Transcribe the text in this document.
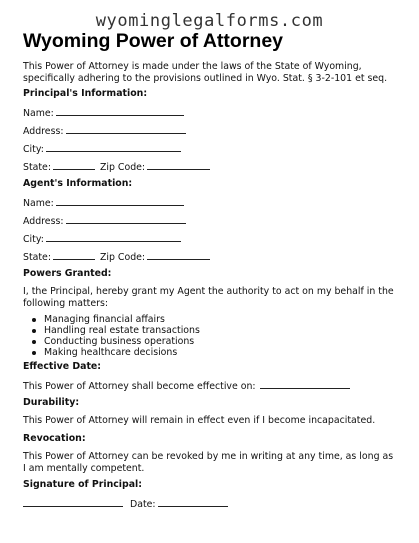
wyominglegalforms.com
Wyoming Power of Attorney

This Power of Attorney is made under the laws of the State of Wyoming, specifically adhering to the provisions outlined in Wyo. Stat. § 3-2-101 et seq.

Principal's Information:
Name:
Address:
City:
State:	Zip Code:
Agent's Information:
Name:
Address:
City:
State:	Zip Code:
Powers Granted:

I, the Principal, hereby grant my Agent the authority to act on my behalf in the following matters:

Managing financial affairs
Handling real estate transactions
Conducting business operations
Making healthcare decisions
Effective Date:
This Power of Attorney shall become effective on:
Durability:

This Power of Attorney will remain in effect even if I become incapacitated.

Revocation:

This Power of Attorney can be revoked by me in writing at any time, as long as I am mentally competent.

Signature of Principal:
Date:
